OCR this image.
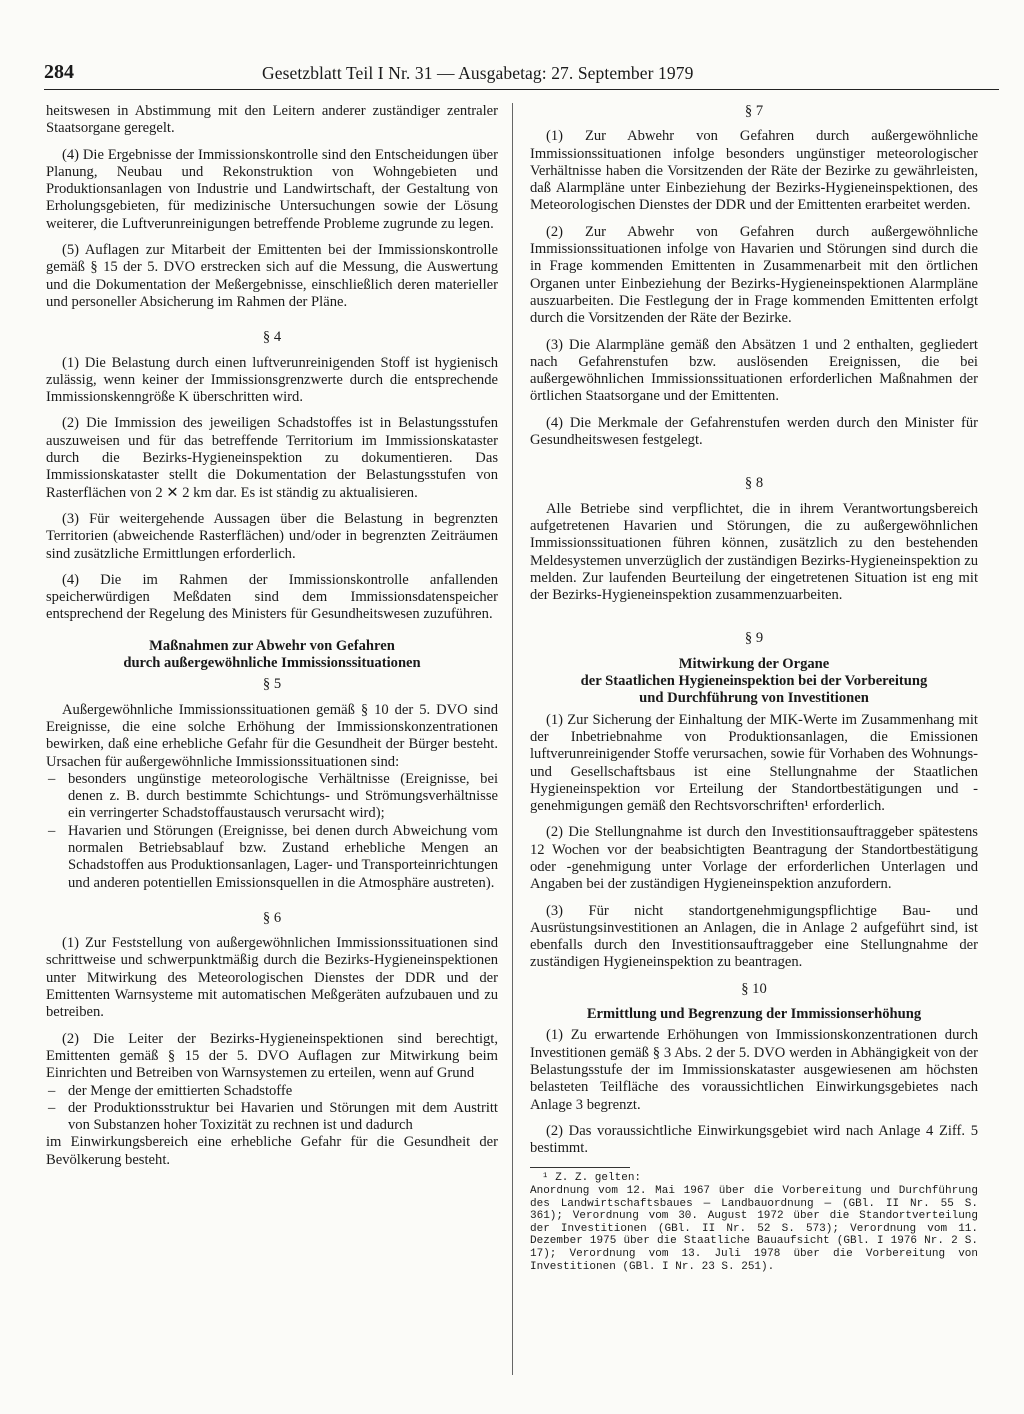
284	Gesetzblatt Teil I Nr. 31 — Ausgabetag: 27. September 1979

heitswesen in Abstimmung mit den Leitern anderer zuständiger zentraler Staatsorgane geregelt.

(4) Die Ergebnisse der Immissionskontrolle sind den Entscheidungen über Planung, Neubau und Rekonstruktion von Wohngebieten und Produktionsanlagen von Industrie und Landwirtschaft, der Gestaltung von Erholungsgebieten, für medizinische Untersuchungen sowie der Lösung weiterer, die Luftverunreinigungen betreffende Probleme zugrunde zu legen.

(5) Auflagen zur Mitarbeit der Emittenten bei der Immissionskontrolle gemäß § 15 der 5. DVO erstrecken sich auf die Messung, die Auswertung und die Dokumentation der Meßergebnisse, einschließlich deren materieller und personeller Absicherung im Rahmen der Pläne.

§ 4

(1) Die Belastung durch einen luftverunreinigenden Stoff ist hygienisch zulässig, wenn keiner der Immissionsgrenzwerte durch die entsprechende Immissionskenngröße K überschritten wird.

(2) Die Immission des jeweiligen Schadstoffes ist in Belastungsstufen auszuweisen und für das betreffende Territorium im Immissionskataster durch die Bezirks-Hygieneinspektion zu dokumentieren. Das Immissionskataster stellt die Dokumentation der Belastungsstufen von Rasterflächen von 2 ✕ 2 km dar. Es ist ständig zu aktualisieren.

(3) Für weitergehende Aussagen über die Belastung in begrenzten Territorien (abweichende Rasterflächen) und/oder in begrenzten Zeiträumen sind zusätzliche Ermittlungen erforderlich.

(4) Die im Rahmen der Immissionskontrolle anfallenden speicherwürdigen Meßdaten sind dem Immissionsdatenspeicher entsprechend der Regelung des Ministers für Gesundheitswesen zuzuführen.

Maßnahmen zur Abwehr von Gefahren
durch außergewöhnliche Immissionssituationen
§ 5

Außergewöhnliche Immissionssituationen gemäß § 10 der 5. DVO sind Ereignisse, die eine solche Erhöhung der Immissionskonzentrationen bewirken, daß eine erhebliche Gefahr für die Gesundheit der Bürger besteht. Ursachen für außergewöhnliche Immissionssituationen sind:

– besonders ungünstige meteorologische Verhältnisse (Ereignisse, bei denen z. B. durch bestimmte Schichtungs- und Strömungsverhältnisse ein verringerter Schadstoffaustausch verursacht wird);
– Havarien und Störungen (Ereignisse, bei denen durch Abweichung vom normalen Betriebsablauf bzw. Zustand erhebliche Mengen an Schadstoffen aus Produktionsanlagen, Lager- und Transporteinrichtungen und anderen potentiellen Emissionsquellen in die Atmosphäre austreten).
§ 6

(1) Zur Feststellung von außergewöhnlichen Immissionssituationen sind schrittweise und schwerpunktmäßig durch die Bezirks-Hygieneinspektionen unter Mitwirkung des Meteorologischen Dienstes der DDR und der Emittenten Warnsysteme mit automatischen Meßgeräten aufzubauen und zu betreiben.

(2) Die Leiter der Bezirks-Hygieneinspektionen sind berechtigt, Emittenten gemäß § 15 der 5. DVO Auflagen zur Mitwirkung beim Einrichten und Betreiben von Warnsystemen zu erteilen, wenn auf Grund

– der Menge der emittierten Schadstoffe
– der Produktionsstruktur bei Havarien und Störungen mit dem Austritt von Substanzen hoher Toxizität zu rechnen ist und dadurch

im Einwirkungsbereich eine erhebliche Gefahr für die Gesundheit der Bevölkerung besteht.

§ 7

(1) Zur Abwehr von Gefahren durch außergewöhnliche Immissionssituationen infolge besonders ungünstiger meteorologischer Verhältnisse haben die Vorsitzenden der Räte der Bezirke zu gewährleisten, daß Alarmpläne unter Einbeziehung der Bezirks-Hygieneinspektionen, des Meteorologischen Dienstes der DDR und der Emittenten erarbeitet werden.

(2) Zur Abwehr von Gefahren durch außergewöhnliche Immissionssituationen infolge von Havarien und Störungen sind durch die in Frage kommenden Emittenten in Zusammenarbeit mit den örtlichen Organen unter Einbeziehung der Bezirks-Hygieneinspektionen Alarmpläne auszuarbeiten. Die Festlegung der in Frage kommenden Emittenten erfolgt durch die Vorsitzenden der Räte der Bezirke.

(3) Die Alarmpläne gemäß den Absätzen 1 und 2 enthalten, gegliedert nach Gefahrenstufen bzw. auslösenden Ereignissen, die bei außergewöhnlichen Immissionssituationen erforderlichen Maßnahmen der örtlichen Staatsorgane und der Emittenten.

(4) Die Merkmale der Gefahrenstufen werden durch den Minister für Gesundheitswesen festgelegt.

§ 8

Alle Betriebe sind verpflichtet, die in ihrem Verantwortungsbereich aufgetretenen Havarien und Störungen, die zu außergewöhnlichen Immissionssituationen führen können, zusätzlich zu den bestehenden Meldesystemen unverzüglich der zuständigen Bezirks-Hygieneinspektion zu melden. Zur laufenden Beurteilung der eingetretenen Situation ist eng mit der Bezirks-Hygieneinspektion zusammenzuarbeiten.

§ 9
Mitwirkung der Organe
der Staatlichen Hygieneinspektion bei der Vorbereitung
und Durchführung von Investitionen

(1) Zur Sicherung der Einhaltung der MIK-Werte im Zusammenhang mit der Inbetriebnahme von Produktionsanlagen, die Emissionen luftverunreinigender Stoffe verursachen, sowie für Vorhaben des Wohnungs- und Gesellschaftsbaus ist eine Stellungnahme der Staatlichen Hygieneinspektion vor Erteilung der Standortbestätigungen und -genehmigungen gemäß den Rechtsvorschriften¹ erforderlich.

(2) Die Stellungnahme ist durch den Investitionsauftraggeber spätestens 12 Wochen vor der beabsichtigten Beantragung der Standortbestätigung oder -genehmigung unter Vorlage der erforderlichen Unterlagen und Angaben bei der zuständigen Hygieneinspektion anzufordern.

(3) Für nicht standortgenehmigungspflichtige Bau- und Ausrüstungsinvestitionen an Anlagen, die in Anlage 2 aufgeführt sind, ist ebenfalls durch den Investitionsauftraggeber eine Stellungnahme der zuständigen Hygieneinspektion zu beantragen.

§ 10
Ermittlung und Begrenzung der Immissionserhöhung

(1) Zu erwartende Erhöhungen von Immissionskonzentrationen durch Investitionen gemäß § 3 Abs. 2 der 5. DVO werden in Abhängigkeit von der Belastungsstufe der im Immissionskataster ausgewiesenen am höchsten belasteten Teilfläche des voraussichtlichen Einwirkungsgebietes nach Anlage 3 begrenzt.

(2) Das voraussichtliche Einwirkungsgebiet wird nach Anlage 4 Ziff. 5 bestimmt.

¹ Z. Z. gelten:

Anordnung vom 12. Mai 1967 über die Vorbereitung und Durchführung des Landwirtschaftsbaues — Landbauordnung — (GBl. II Nr. 55 S. 361); Verordnung vom 30. August 1972 über die Standortverteilung der Investitionen (GBl. II Nr. 52 S. 573); Verordnung vom 11. Dezember 1975 über die Staatliche Bauaufsicht (GBl. I 1976 Nr. 2 S. 17); Verordnung vom 13. Juli 1978 über die Vorbereitung von Investitionen (GBl. I Nr. 23 S. 251).
